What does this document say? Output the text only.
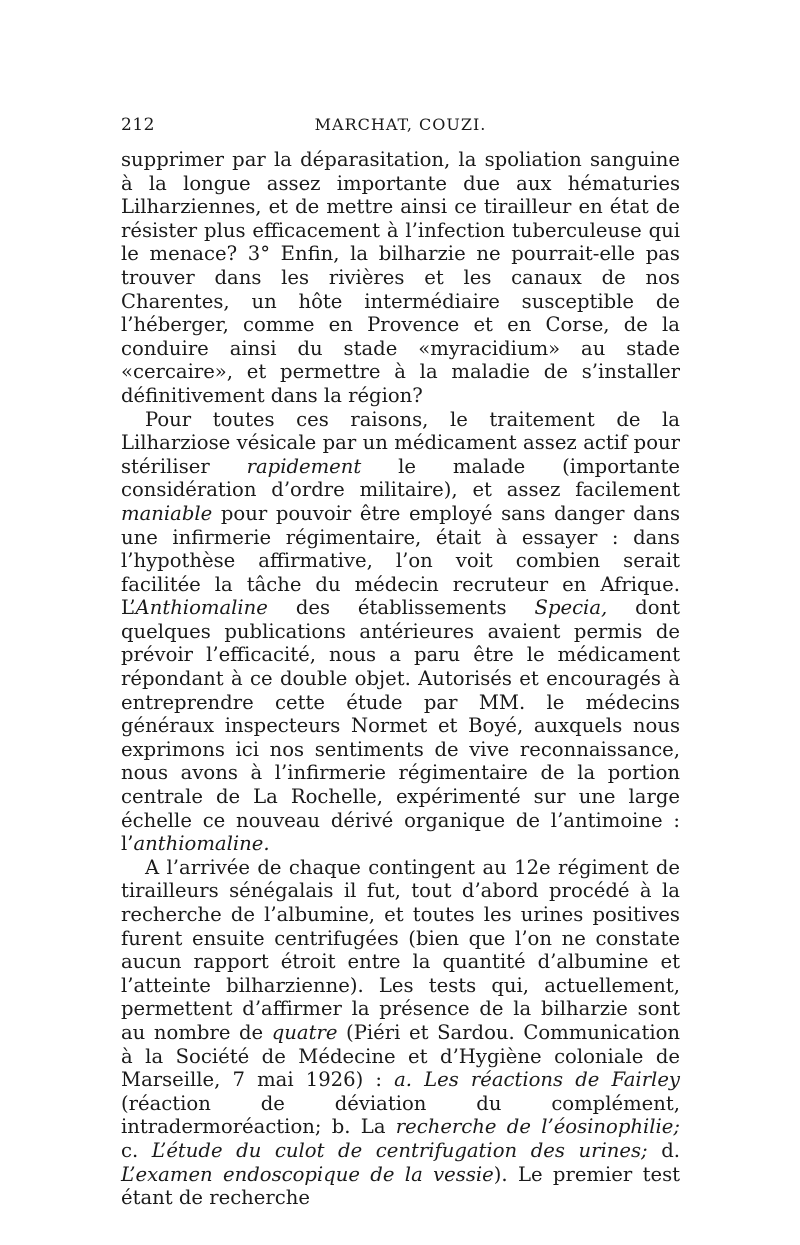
212	MARCHAT, COUZI.

supprimer par la déparasitation, la spoliation sanguine à la longue assez importante due aux hématuries Lilharziennes, et de mettre ainsi ce tirailleur en état de résister plus efficacement à l’infection tuberculeuse qui le menace? 3° Enfin, la bilharzie ne pourrait-elle pas trouver dans les rivières et les canaux de nos Charentes, un hôte intermédiaire susceptible de l’héberger, comme en Provence et en Corse, de la conduire ainsi du stade «myracidium» au stade «cercaire», et permettre à la maladie de s’installer définitivement dans la région?

Pour toutes ces raisons, le traitement de la Lilharziose vésicale par un médicament assez actif pour stériliser rapidement le malade (importante considération d’ordre militaire), et assez facilement maniable pour pouvoir être employé sans danger dans une infirmerie régimentaire, était à essayer : dans l’hypothèse affirmative, l’on voit combien serait facilitée la tâche du médecin recruteur en Afrique. L’Anthiomaline des établissements Specia, dont quelques publications antérieures avaient permis de prévoir l’efficacité, nous a paru être le médicament répondant à ce double objet. Autorisés et encouragés à entreprendre cette étude par MM. le médecins généraux inspecteurs Normet et Boyé, auxquels nous exprimons ici nos sentiments de vive reconnaissance, nous avons à l’infirmerie régimentaire de la portion centrale de La Rochelle, expérimenté sur une large échelle ce nouveau dérivé organique de l’antimoine : l’anthiomaline.

A l’arrivée de chaque contingent au 12e régiment de tirailleurs sénégalais il fut, tout d’abord procédé à la recherche de l’albumine, et toutes les urines positives furent ensuite centrifugées (bien que l’on ne constate aucun rapport étroit entre la quantité d’albumine et l’atteinte bilharzienne). Les tests qui, actuellement, permettent d’affirmer la présence de la bilharzie sont au nombre de quatre (Piéri et Sardou. Communication à la Société de Médecine et d’Hygiène coloniale de Marseille, 7 mai 1926) : a. Les réactions de Fairley (réaction de déviation du complément, intradermoréaction; b. La recherche de l’éosinophilie; c. L’étude du culot de centrifugation des urines; d. L’examen endoscopique de la vessie). Le premier test étant de recherche
